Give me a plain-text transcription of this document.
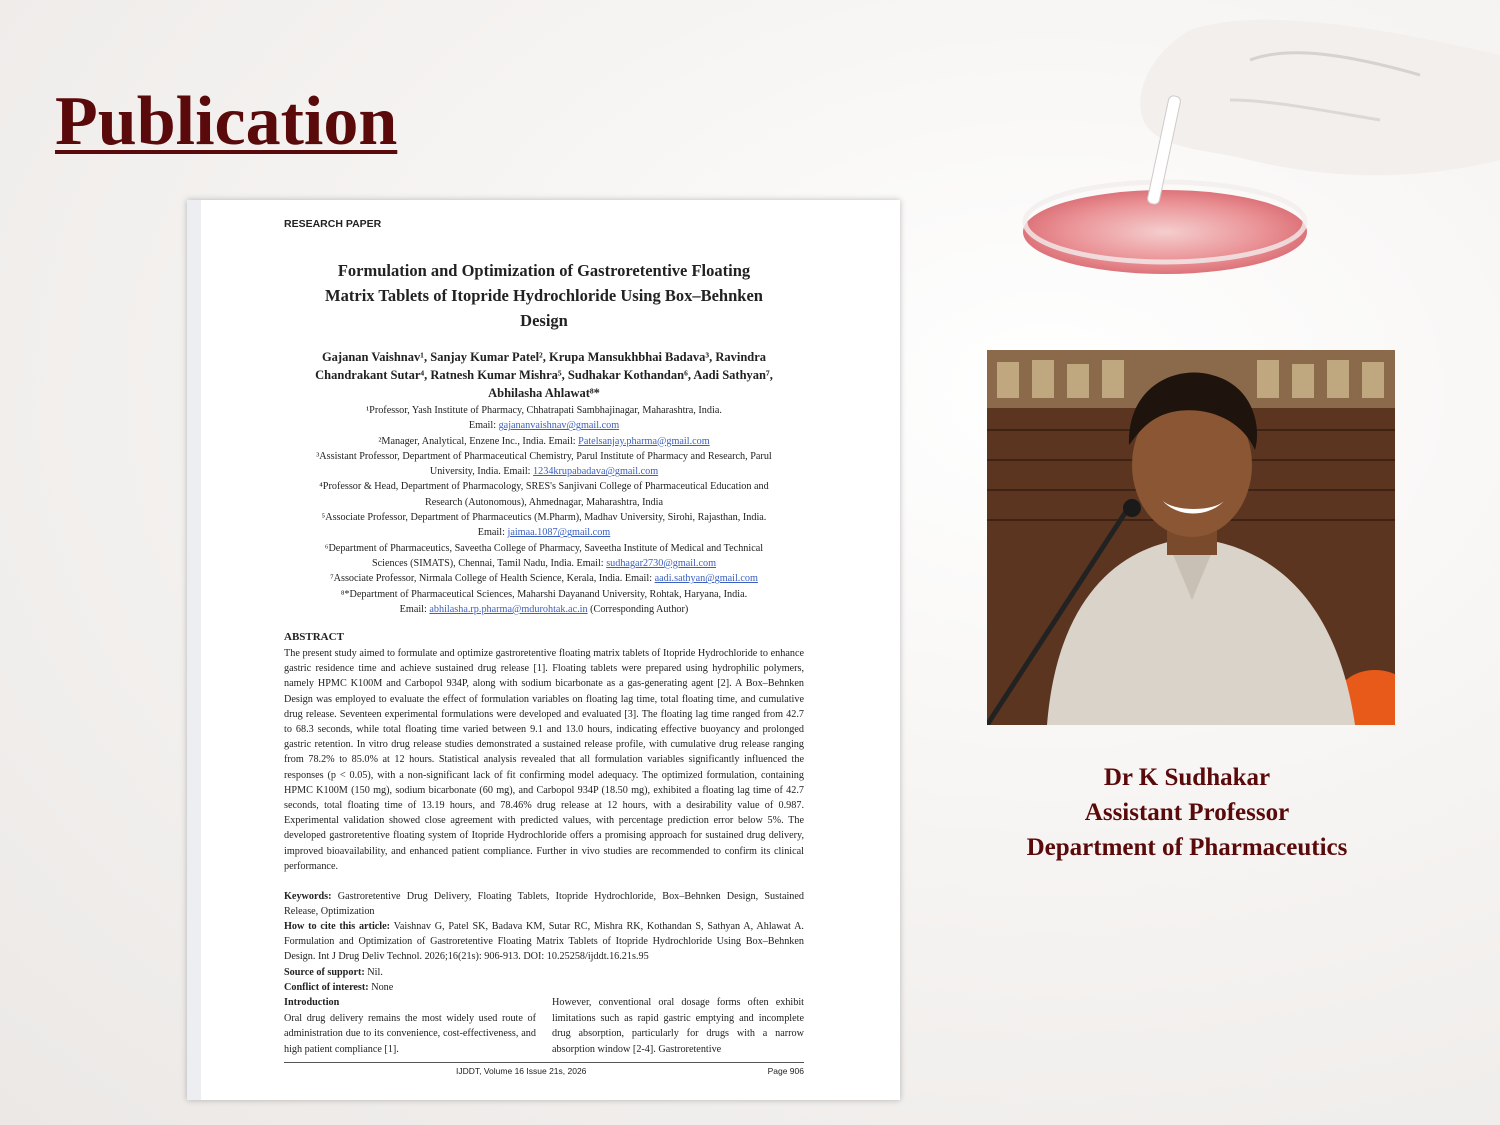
Publication
RESEARCH PAPER
Formulation and Optimization of Gastroretentive Floating
Matrix Tablets of Itopride Hydrochloride Using Box–Behnken
Design
Gajanan Vaishnav¹, Sanjay Kumar Patel², Krupa Mansukhbhai Badava³, Ravindra
Chandrakant Sutar⁴, Ratnesh Kumar Mishra⁵, Sudhakar Kothandan⁶, Aadi Sathyan⁷,
Abhilasha Ahlawat⁸*
¹Professor, Yash Institute of Pharmacy, Chhatrapati Sambhajinagar, Maharashtra, India.
Email: gajananvaishnav@gmail.com
²Manager, Analytical, Enzene Inc., India. Email: Patelsanjay.pharma@gmail.com
³Assistant Professor, Department of Pharmaceutical Chemistry, Parul Institute of Pharmacy and Research, Parul
University, India. Email: 1234krupabadava@gmail.com
⁴Professor & Head, Department of Pharmacology, SRES's Sanjivani College of Pharmaceutical Education and
Research (Autonomous), Ahmednagar, Maharashtra, India
⁵Associate Professor, Department of Pharmaceutics (M.Pharm), Madhav University, Sirohi, Rajasthan, India.
Email: jaimaa.1087@gmail.com
⁶Department of Pharmaceutics, Saveetha College of Pharmacy, Saveetha Institute of Medical and Technical
Sciences (SIMATS), Chennai, Tamil Nadu, India. Email: sudhagar2730@gmail.com
⁷Associate Professor, Nirmala College of Health Science, Kerala, India. Email: aadi.sathyan@gmail.com
⁸*Department of Pharmaceutical Sciences, Maharshi Dayanand University, Rohtak, Haryana, India.
Email: abhilasha.rp.pharma@mdurohtak.ac.in (Corresponding Author)
ABSTRACT
The present study aimed to formulate and optimize gastroretentive floating matrix tablets of Itopride Hydrochloride to enhance gastric residence time and achieve sustained drug release [1]. Floating tablets were prepared using hydrophilic polymers, namely HPMC K100M and Carbopol 934P, along with sodium bicarbonate as a gas-generating agent [2]. A Box–Behnken Design was employed to evaluate the effect of formulation variables on floating lag time, total floating time, and cumulative drug release. Seventeen experimental formulations were developed and evaluated [3]. The floating lag time ranged from 42.7 to 68.3 seconds, while total floating time varied between 9.1 and 13.0 hours, indicating effective buoyancy and prolonged gastric retention. In vitro drug release studies demonstrated a sustained release profile, with cumulative drug release ranging from 78.2% to 85.0% at 12 hours. Statistical analysis revealed that all formulation variables significantly influenced the responses (p < 0.05), with a non-significant lack of fit confirming model adequacy. The optimized formulation, containing HPMC K100M (150 mg), sodium bicarbonate (60 mg), and Carbopol 934P (18.50 mg), exhibited a floating lag time of 42.7 seconds, total floating time of 13.19 hours, and 78.46% drug release at 12 hours, with a desirability value of 0.987. Experimental validation showed close agreement with predicted values, with percentage prediction error below 5%. The developed gastroretentive floating system of Itopride Hydrochloride offers a promising approach for sustained drug delivery, improved bioavailability, and enhanced patient compliance. Further in vivo studies are recommended to confirm its clinical performance.
Keywords: Gastroretentive Drug Delivery, Floating Tablets, Itopride Hydrochloride, Box–Behnken Design, Sustained Release, Optimization
How to cite this article: Vaishnav G, Patel SK, Badava KM, Sutar RC, Mishra RK, Kothandan S, Sathyan A, Ahlawat A. Formulation and Optimization of Gastroretentive Floating Matrix Tablets of Itopride Hydrochloride Using Box–Behnken Design. Int J Drug Deliv Technol. 2026;16(21s): 906-913. DOI: 10.25258/ijddt.16.21s.95
Source of support: Nil.
Conflict of interest: None
Introduction
Oral drug delivery remains the most widely used route of administration due to its convenience, cost-effectiveness, and high patient compliance [1].
However, conventional oral dosage forms often exhibit limitations such as rapid gastric emptying and incomplete drug absorption, particularly for drugs with a narrow absorption window [2-4]. Gastroretentive
IJDDT, Volume 16 Issue 21s, 2026	Page 906
Dr K Sudhakar
Assistant Professor
Department of Pharmaceutics
